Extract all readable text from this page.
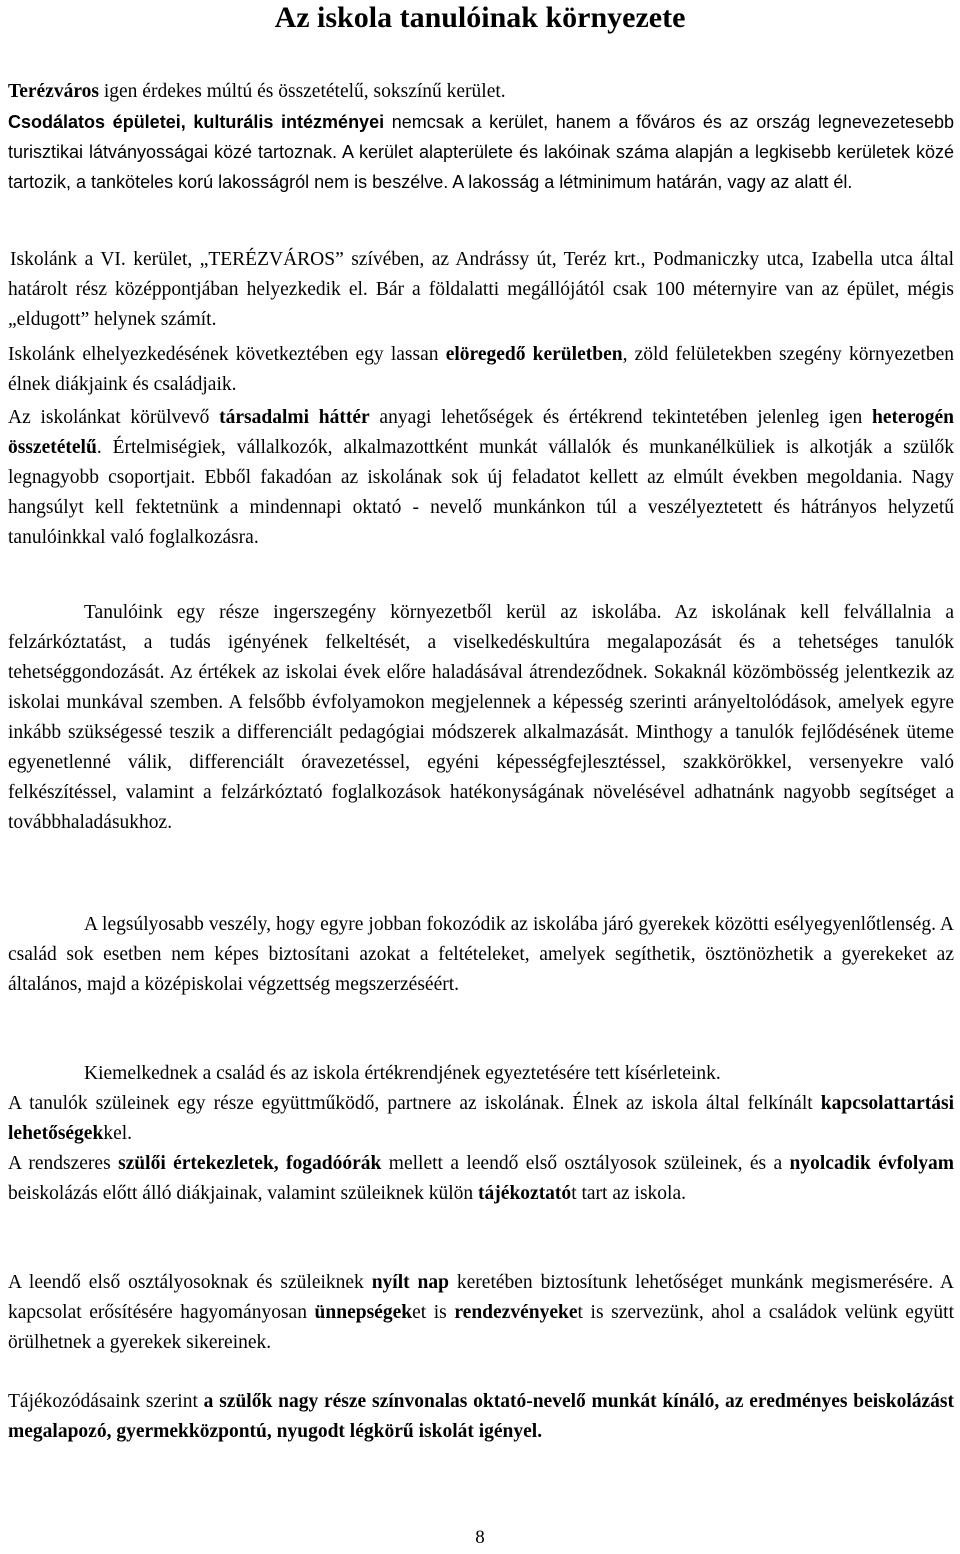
Az iskola tanulóinak környezete

Terézváros igen érdekes múltú és összetételű, sokszínű kerület.

Csodálatos épületei, kulturális intézményei nemcsak a kerület, hanem a főváros és az ország legnevezetesebb turisztikai látványosságai közé tartoznak. A kerület alapterülete és lakóinak száma alapján a legkisebb kerületek közé tartozik, a tanköteles korú lakosságról nem is beszélve. A lakosság a létminimum határán, vagy az alatt él.

Iskolánk a VI. kerület, „TERÉZVÁROS” szívében, az Andrássy út, Teréz krt., Podmaniczky utca, Izabella utca által határolt rész középpontjában helyezkedik el. Bár a földalatti megállójától csak 100 méternyire van az épület, mégis „eldugott” helynek számít.

Iskolánk elhelyezkedésének következtében egy lassan elöregedő kerületben, zöld felületekben szegény környezetben élnek diákjaink és családjaik.

Az iskolánkat körülvevő társadalmi háttér anyagi lehetőségek és értékrend tekintetében jelenleg igen heterogén összetételű. Értelmiségiek, vállalkozók, alkalmazottként munkát vállalók és munkanélküliek is alkotják a szülők legnagyobb csoportjait. Ebből fakadóan az iskolának sok új feladatot kellett az elmúlt években megoldania. Nagy hangsúlyt kell fektetnünk a mindennapi oktató - nevelő munkánkon túl a veszélyeztetett és hátrányos helyzetű tanulóinkkal való foglalkozásra.

Tanulóink egy része ingerszegény környezetből kerül az iskolába. Az iskolának kell felvállalnia a felzárkóztatást, a tudás igényének felkeltését, a viselkedéskultúra megalapozását és a tehetséges tanulók tehetséggondozását. Az értékek az iskolai évek előre haladásával átrendeződnek. Sokaknál közömbösség jelentkezik az iskolai munkával szemben. A felsőbb évfolyamokon megjelennek a képesség szerinti arányeltolódások, amelyek egyre inkább szükségessé teszik a differenciált pedagógiai módszerek alkalmazását. Minthogy a tanulók fejlődésének üteme egyenetlenné válik, differenciált óravezetéssel, egyéni képességfejlesztéssel, szakkörökkel, versenyekre való felkészítéssel, valamint a felzárkóztató foglalkozások hatékonyságának növelésével adhatnánk nagyobb segítséget a továbbhaladásukhoz.

A legsúlyosabb veszély, hogy egyre jobban fokozódik az iskolába járó gyerekek közötti esélyegyenlőtlenség. A család sok esetben nem képes biztosítani azokat a feltételeket, amelyek segíthetik, ösztönözhetik a gyerekeket az általános, majd a középiskolai végzettség megszerzéséért.

Kiemelkednek a család és az iskola értékrendjének egyeztetésére tett kísérleteink.

A tanulók szüleinek egy része együttműködő, partnere az iskolának. Élnek az iskola által felkínált kapcsolattartási lehetőségekkel.

A rendszeres szülői értekezletek, fogadóórák mellett a leendő első osztályosok szüleinek, és a nyolcadik évfolyam beiskolázás előtt álló diákjainak, valamint szüleiknek külön tájékoztatót tart az iskola.

A leendő első osztályosoknak és szüleiknek nyílt nap keretében biztosítunk lehetőséget munkánk megismerésére. A kapcsolat erősítésére hagyományosan ünnepségeket is rendezvényeket is szervezünk, ahol a családok velünk együtt örülhetnek a gyerekek sikereinek.

Tájékozódásaink szerint a szülők nagy része színvonalas oktató-nevelő munkát kínáló, az eredményes beiskolázást megalapozó, gyermekközpontú, nyugodt légkörű iskolát igényel.

8
